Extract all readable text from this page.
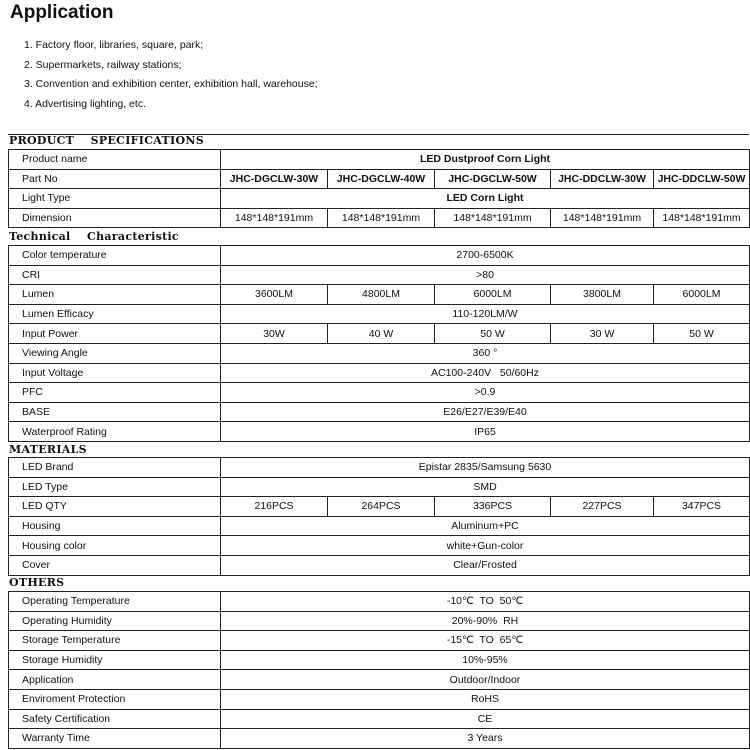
Application
1. Factory floor, libraries, square, park;
2. Supermarkets, railway stations;
3. Convention and exhibition center, exhibition hall, warehouse;
4. Advertising lighting, etc.
PRODUCT    SPECIFICATIONS
Product name	LED Dustproof Corn Light				
Part No	JHC-DGCLW-30W	JHC-DGCLW-40W	JHC-DGCLW-50W	JHC-DDCLW-30W	JHC-DDCLW-50W
Light Type	LED Corn Light				
Dimension	148*148*191mm	148*148*191mm	148*148*191mm	148*148*191mm	148*148*191mm
Technical    Characteristic
Color temperature	2700-6500K				
CRI	>80				
Lumen	3600LM	4800LM	6000LM	3800LM	6000LM
Lumen Efficacy	110-120LM/W				
Input Power	30W	40 W	50 W	30 W	50 W
Viewing Angle	360 °				
Input Voltage	AC100-240V   50/60Hz				
PFC	>0.9				
BASE	E26/E27/E39/E40				
Waterproof Rating	IP65				
MATERIALS
LED Brand	Epistar 2835/Samsung 5630				
LED Type	SMD				
LED QTY	216PCS	264PCS	336PCS	227PCS	347PCS
Housing	Aluminum+PC				
Housing color	white+Gun-color				
Cover	Clear/Frosted				
OTHERS
Operating Temperature	-10℃  TO  50℃
Operating Humidity	20%-90%  RH
Storage Temperature	-15℃  TO  65℃
Storage Humidity	10%-95%
Application	Outdoor/Indoor
Enviroment Protection	RoHS
Safety Certification	CE
Warranty Time	3 Years
